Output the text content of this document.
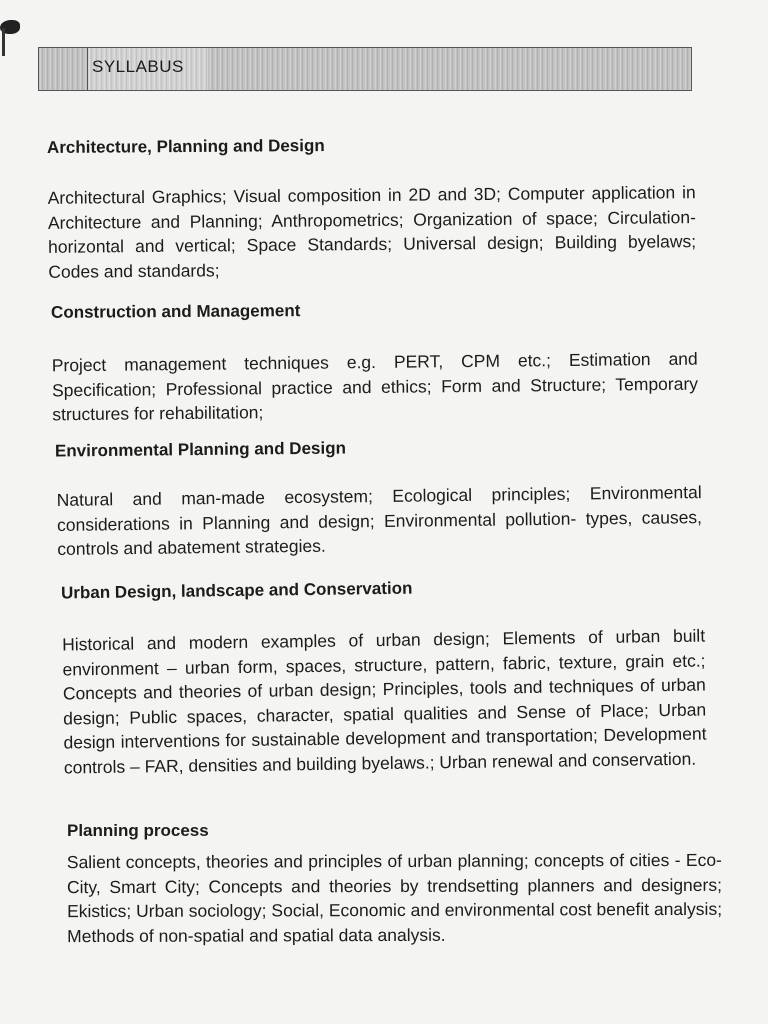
SYLLABUS
Architecture, Planning and Design
Architectural Graphics; Visual composition in 2D and 3D; Computer application in Architecture and Planning; Anthropometrics; Organization of space; Circulation- horizontal and vertical; Space Standards; Universal design; Building byelaws; Codes and standards;
Construction and Management
Project management techniques e.g. PERT, CPM etc.; Estimation and Specification; Professional practice and ethics; Form and Structure; Temporary structures for rehabilitation;
Environmental Planning and Design
Natural and man-made ecosystem; Ecological principles; Environmental considerations in Planning and design; Environmental pollution- types, causes, controls and abatement strategies.
Urban Design, landscape and Conservation
Historical and modern examples of urban design; Elements of urban built environment – urban form, spaces, structure, pattern, fabric, texture, grain etc.; Concepts and theories of urban design; Principles, tools and techniques of urban design; Public spaces, character, spatial qualities and Sense of Place; Urban design interventions for sustainable development and transportation; Development controls – FAR, densities and building byelaws.; Urban renewal and conservation.
Planning process
Salient concepts, theories and principles of urban planning; concepts of cities - Eco-City, Smart City; Concepts and theories by trendsetting planners and designers; Ekistics; Urban sociology; Social, Economic and environmental cost benefit analysis; Methods of non-spatial and spatial data analysis.
